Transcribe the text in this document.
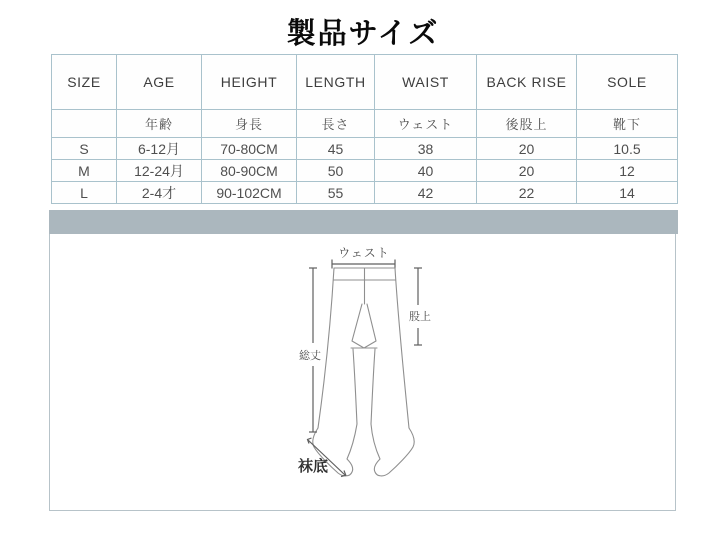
製品サイズ
SIZE	AGE	HEIGHT	LENGTH	WAIST	BACK RISE	SOLE
	年齢	身長	長さ	ウェスト	後股上	靴下
S	6-12月	70-80CM	45	38	20	10.5
M	12-24月	80-90CM	50	40	20	12
L	2-4才	90-102CM	55	42	22	14
ウェスト
総丈
股上
袜底
